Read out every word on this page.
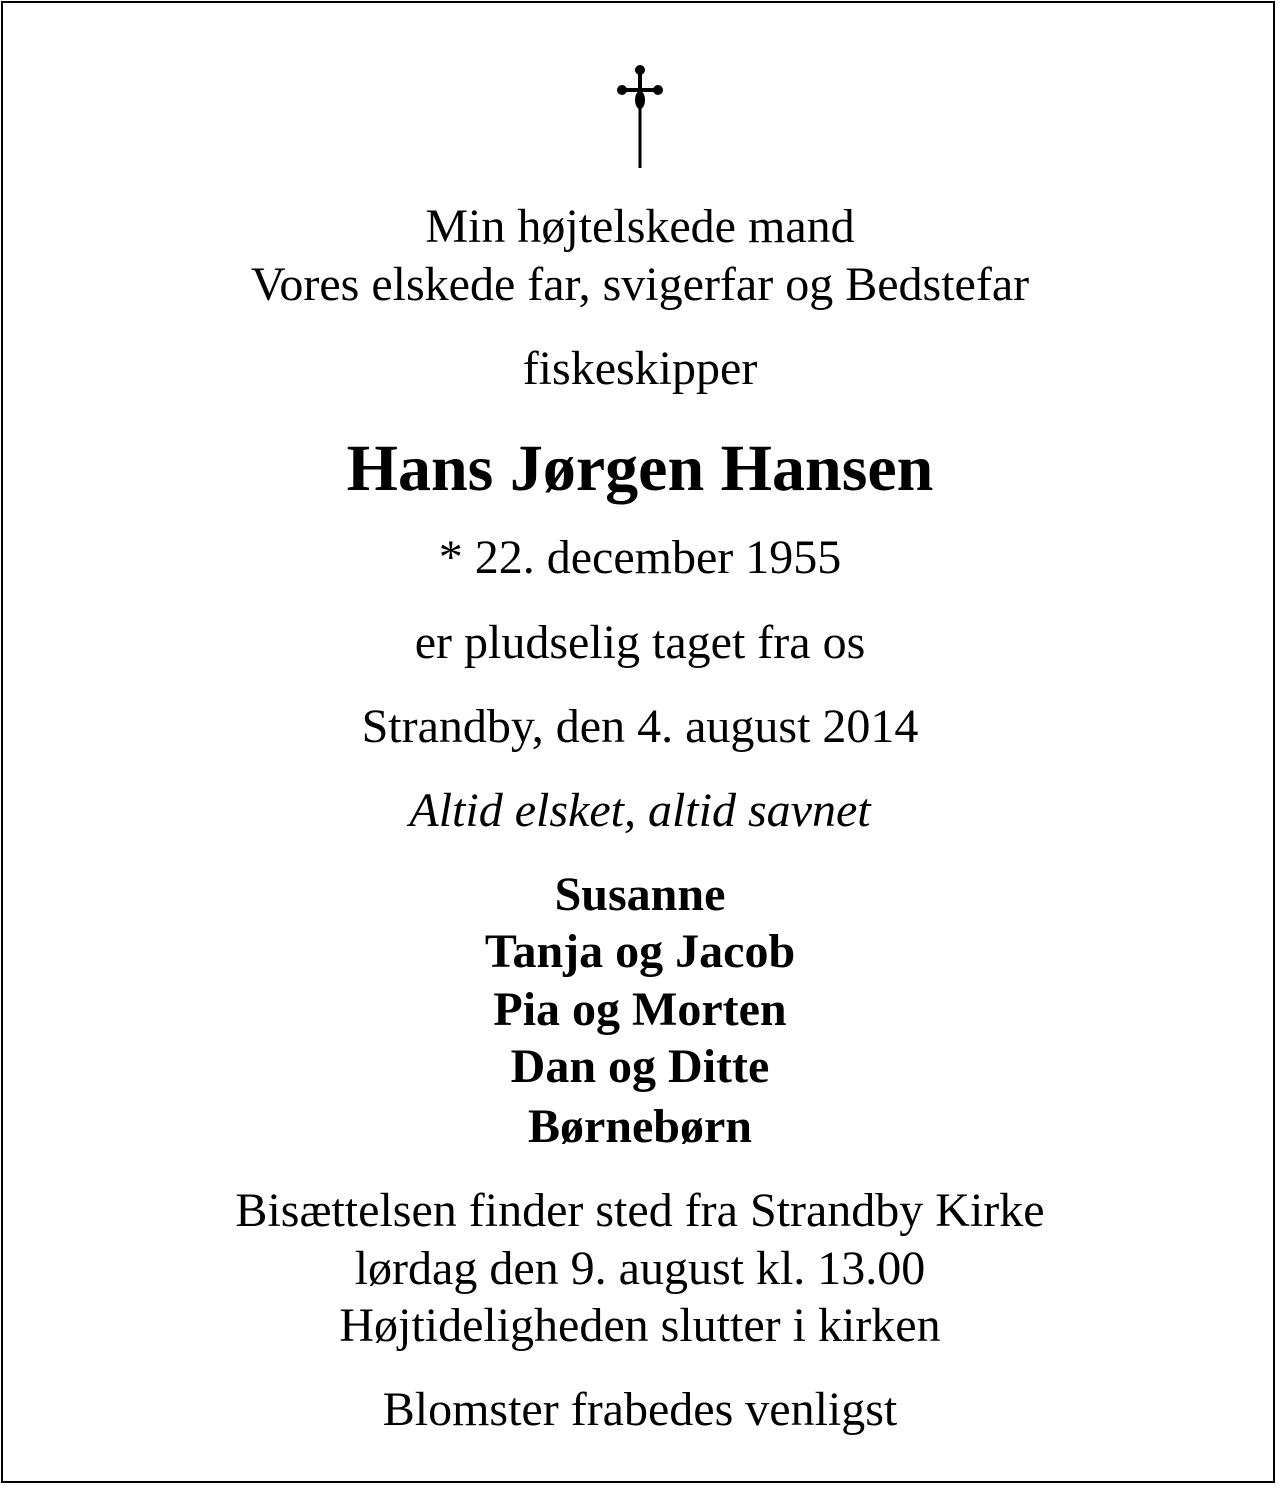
Min højtelskede mand
Vores elskede far, svigerfar og Bedstefar
fiskeskipper
Hans Jørgen Hansen
* 22. december 1955
er pludselig taget fra os
Strandby, den 4. august 2014
Altid elsket, altid savnet
Susanne
Tanja og Jacob
Pia og Morten
Dan og Ditte
Børnebørn
Bisættelsen finder sted fra Strandby Kirke
lørdag den 9. august kl. 13.00
Højtideligheden slutter i kirken
Blomster frabedes venligst
